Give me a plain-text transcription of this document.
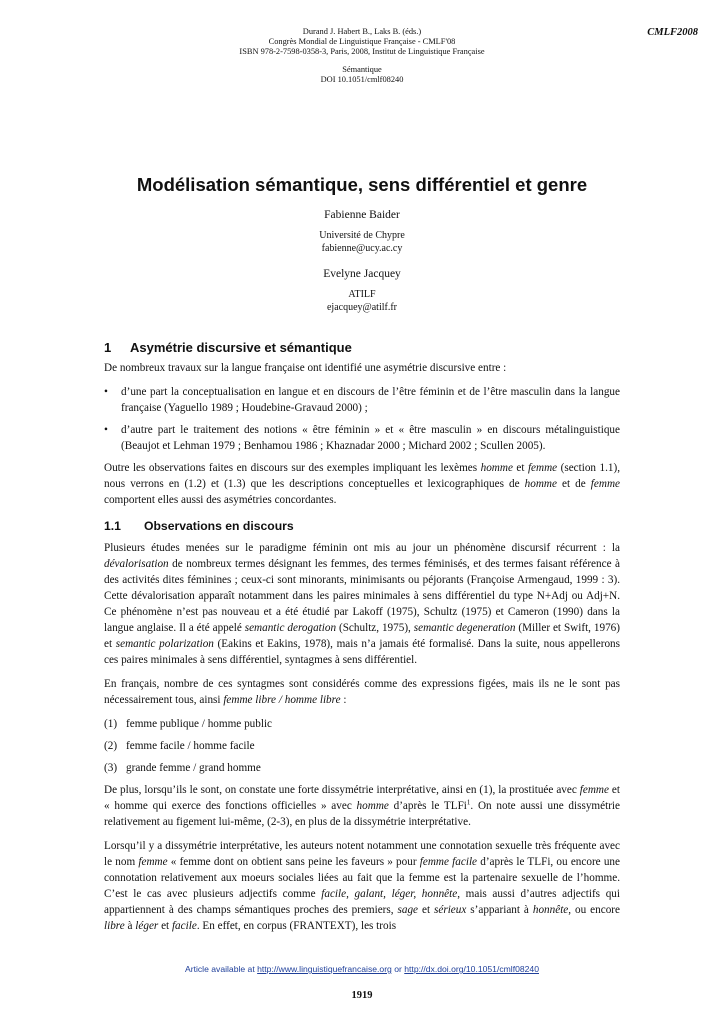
Durand J. Habert B., Laks B. (éds.)
Congrès Mondial de Linguistique Française - CMLF'08
ISBN 978-2-7598-0358-3, Paris, 2008, Institut de Linguistique Française
Sémantique
DOI 10.1051/cmlf08240
CMLF2008
Modélisation sémantique, sens différentiel et genre
Fabienne Baider
Université de Chypre
fabienne@ucy.ac.cy
Evelyne Jacquey
ATILF
ejacquey@atilf.fr
1 Asymétrie discursive et sémantique

De nombreux travaux sur la langue française ont identifié une asymétrie discursive entre :

• d’une part la conceptualisation en langue et en discours de l’être féminin et de l’être masculin dans la langue française (Yaguello 1989 ; Houdebine-Gravaud 2000) ;
• d’autre part le traitement des notions « être féminin » et « être masculin » en discours métalinguistique (Beaujot et Lehman 1979 ; Benhamou 1986 ; Khaznadar 2000 ; Michard 2002 ; Scullen 2005).

Outre les observations faites en discours sur des exemples impliquant les lexèmes homme et femme (section 1.1), nous verrons en (1.2) et (1.3) que les descriptions conceptuelles et lexicographiques de homme et de femme comportent elles aussi des asymétries concordantes.

1.1 Observations en discours

Plusieurs études menées sur le paradigme féminin ont mis au jour un phénomène discursif récurrent : la dévalorisation de nombreux termes désignant les femmes, des termes féminisés, et des termes faisant référence à des activités dites féminines ; ceux-ci sont minorants, minimisants ou péjorants (Françoise Armengaud, 1999 : 3). Cette dévalorisation apparaît notamment dans les paires minimales à sens différentiel du type N+Adj ou Adj+N. Ce phénomène n’est pas nouveau et a été étudié par Lakoff (1975), Schultz (1975) et Cameron (1990) dans la langue anglaise. Il a été appelé semantic derogation (Schultz, 1975), semantic degeneration (Miller et Swift, 1976) et semantic polarization (Eakins et Eakins, 1978), mais n’a jamais été formalisé. Dans la suite, nous appellerons ces paires minimales à sens différentiel, syntagmes à sens différentiel.

En français, nombre de ces syntagmes sont considérés comme des expressions figées, mais ils ne le sont pas nécessairement tous, ainsi femme libre / homme libre :

(1) femme publique / homme public
(2) femme facile / homme facile
(3) grande femme / grand homme

De plus, lorsqu’ils le sont, on constate une forte dissymétrie interprétative, ainsi en (1), la prostituée avec femme et « homme qui exerce des fonctions officielles » avec homme d’après le TLFi$^1$. On note aussi une dissymétrie relativement au figement lui-même, (2-3), en plus de la dissymétrie interprétative.

Lorsqu’il y a dissymétrie interprétative, les auteurs notent notamment une connotation sexuelle très fréquente avec le nom femme « femme dont on obtient sans peine les faveurs » pour femme facile d’après le TLFi, ou encore une connotation relativement aux moeurs sociales liées au fait que la femme est la partenaire sexuelle de l’homme. C’est le cas avec plusieurs adjectifs comme facile, galant, léger, honnête, mais aussi d’autres adjectifs qui appartiennent à des champs sémantiques proches des premiers, sage et sérieux s’appariant à honnête, ou encore libre à léger et facile. En effet, en corpus (FRANTEXT), les trois

Article available at http://www.linguistiquefrancaise.org or http://dx.doi.org/10.1051/cmlf08240
1919
